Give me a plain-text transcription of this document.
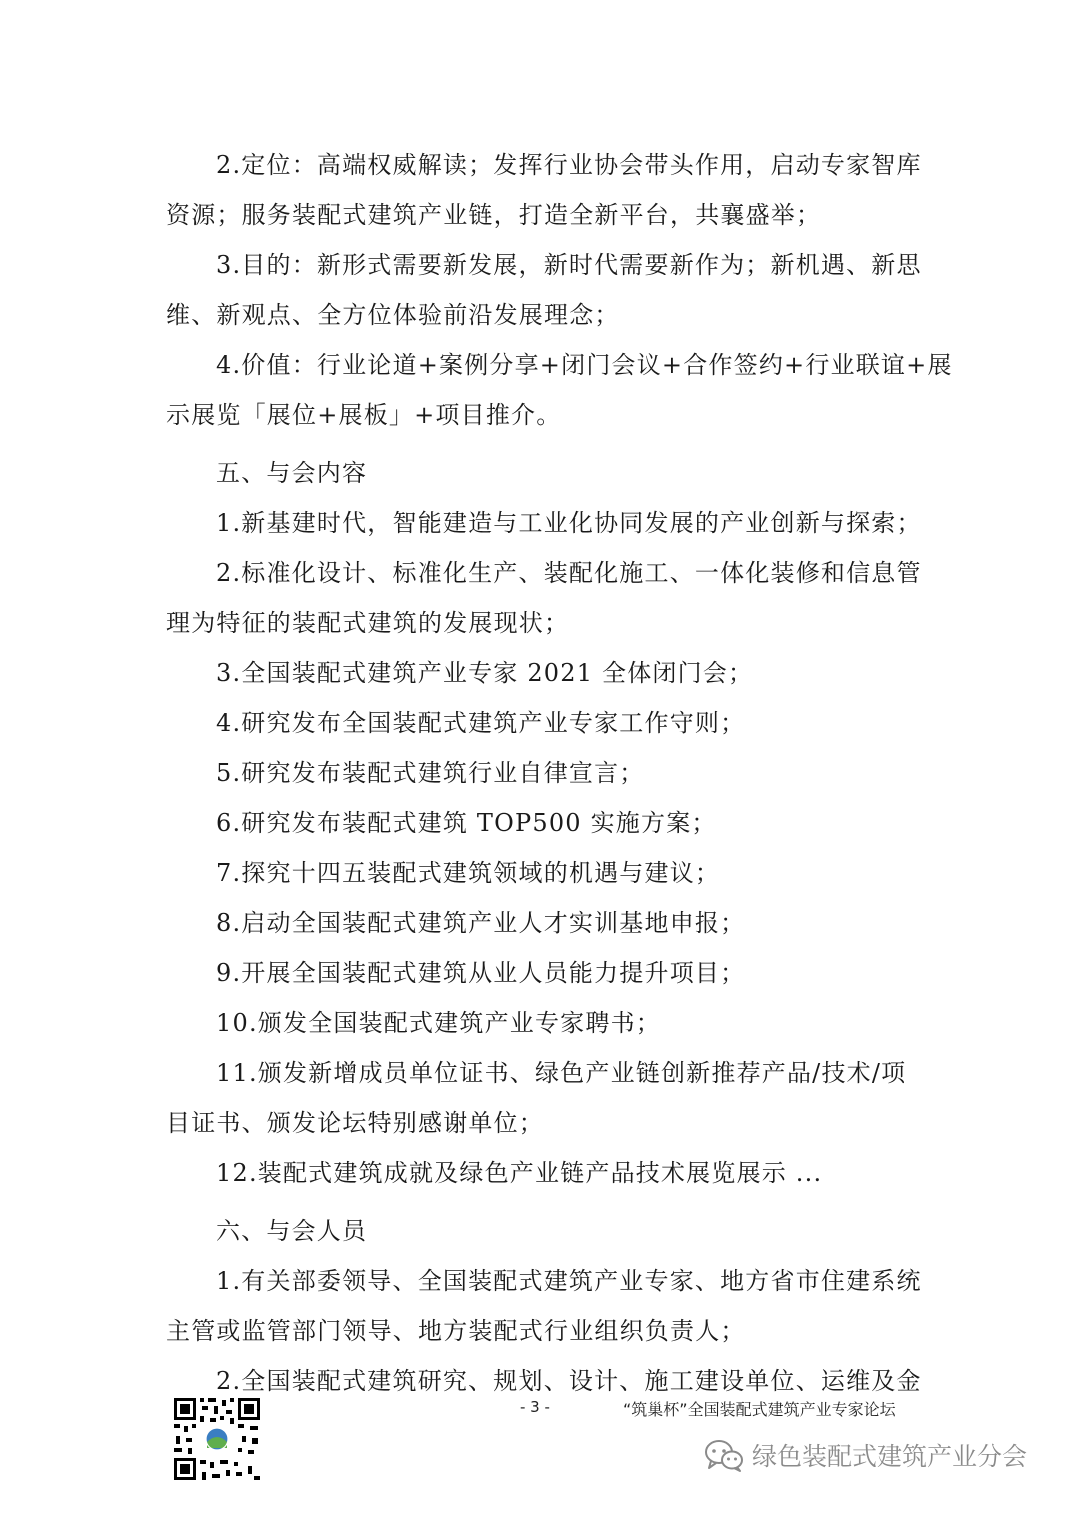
2.定位：高端权威解读；发挥行业协会带头作用，启动专家智库
资源；服务装配式建筑产业链，打造全新平台，共襄盛举；
3.目的：新形式需要新发展，新时代需要新作为；新机遇、新思
维、新观点、全方位体验前沿发展理念；
4.价值：行业论道+案例分享+闭门会议+合作签约+行业联谊+展
示展览「展位+展板」+项目推介。
五、与会内容
1.新基建时代，智能建造与工业化协同发展的产业创新与探索；
2.标准化设计、标准化生产、装配化施工、一体化装修和信息管
理为特征的装配式建筑的发展现状；
3.全国装配式建筑产业专家 2021 全体闭门会；
4.研究发布全国装配式建筑产业专家工作守则；
5.研究发布装配式建筑行业自律宣言；
6.研究发布装配式建筑 TOP500 实施方案；
7.探究十四五装配式建筑领域的机遇与建议；
8.启动全国装配式建筑产业人才实训基地申报；
9.开展全国装配式建筑从业人员能力提升项目；
10.颁发全国装配式建筑产业专家聘书；
11.颁发新增成员单位证书、绿色产业链创新推荐产品/技术/项
目证书、颁发论坛特别感谢单位；
12.装配式建筑成就及绿色产业链产品技术展览展示 ...
六、与会人员
1.有关部委领导、全国装配式建筑产业专家、地方省市住建系统
主管或监管部门领导、地方装配式行业组织负责人；
2.全国装配式建筑研究、规划、设计、施工建设单位、运维及金
- 3 -	“筑巢杯”全国装配式建筑产业专家论坛
绿色装配式建筑产业分会
